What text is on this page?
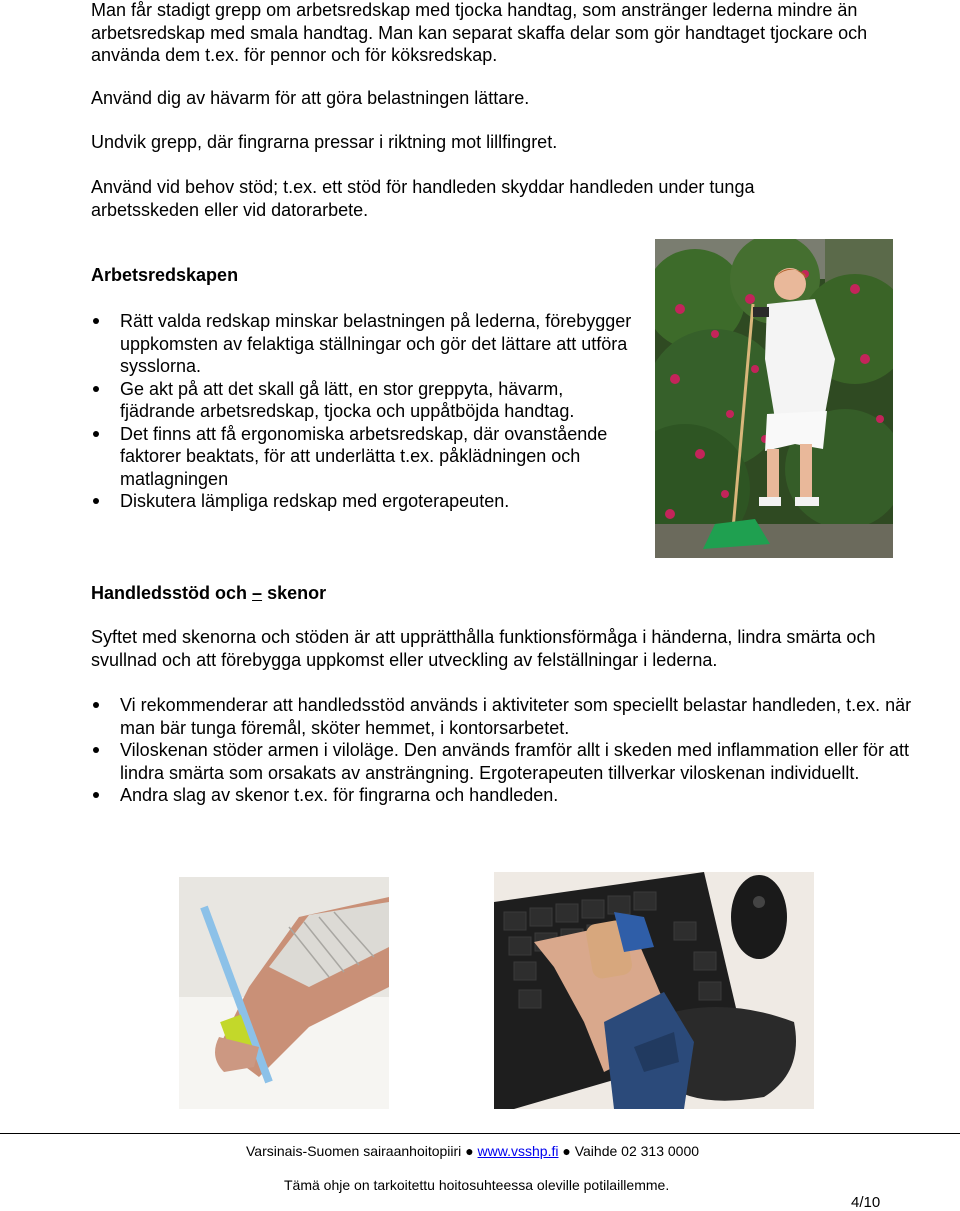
Man får stadigt grepp om arbetsredskap med tjocka handtag, som anstränger lederna mindre än arbetsredskap med smala handtag. Man kan separat skaffa delar som gör handtaget tjockare och använda dem t.ex. för pennor och för köksredskap.

Använd dig av hävarm för att göra belastningen lättare.

Undvik grepp, där fingrarna pressar i riktning mot lillfingret.

Använd vid behov stöd; t.ex. ett stöd för handleden skyddar handleden under tunga arbetsskeden eller vid datorarbete.

Arbetsredskapen

Rätt valda redskap minskar belastningen på lederna, förebygger uppkomsten av felaktiga ställningar och gör det lättare att utföra sysslorna.
Ge akt på att det skall gå lätt, en stor greppyta, hävarm, fjädrande arbetsredskap, tjocka och uppåtböjda handtag.
Det finns att få ergonomiska arbetsredskap, där ovanstående faktorer beaktats, för att underlätta t.ex. påklädningen och matlagningen
Diskutera lämpliga redskap med ergoterapeuten.

Handledsstöd och – skenor

Syftet med skenorna och stöden är att upprätthålla funktionsförmåga i händerna, lindra smärta och svullnad och att förebygga uppkomst eller utveckling av felställningar i lederna.

Vi rekommenderar att handledsstöd används i aktiviteter som speciellt belastar handleden, t.ex. när man bär tunga föremål, sköter hemmet, i kontorsarbetet.
Viloskenan stöder armen i viloläge. Den används framför allt i skeden med inflammation eller för att lindra smärta som orsakats av ansträngning. Ergoterapeuten tillverkar viloskenan individuellt.
Andra slag av skenor t.ex. för fingrarna och handleden.
Varsinais-Suomen sairaanhoitopiiri ● www.vsshp.fi ● Vaihde 02 313 0000
Tämä ohje on tarkoitettu hoitosuhteessa oleville potilaillemme.
4/10
